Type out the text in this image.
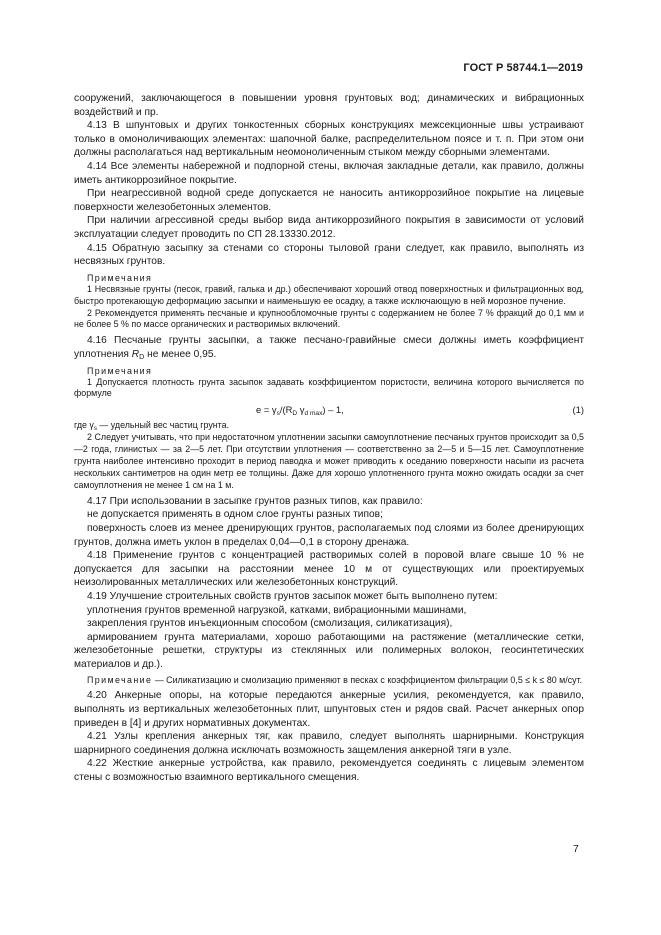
ГОСТ Р 58744.1—2019

сооружений, заключающегося в повышении уровня грунтовых вод; динамических и вибрационных воздействий и пр.

4.13 В шпунтовых и других тонкостенных сборных конструкциях межсекционные швы устраивают только в омоноличивающих элементах: шапочной балке, распределительном поясе и т. п. При этом они должны располагаться над вертикальным неомоноличенным стыком между сборными элементами.

4.14 Все элементы набережной и подпорной стены, включая закладные детали, как правило, должны иметь антикоррозийное покрытие.

При неагрессивной водной среде допускается не наносить антикоррозийное покрытие на лицевые поверхности железобетонных элементов.

При наличии агрессивной среды выбор вида антикоррозийного покрытия в зависимости от условий эксплуатации следует проводить по СП 28.13330.2012.

4.15 Обратную засыпку за стенами со стороны тыловой грани следует, как правило, выполнять из несвязных грунтов.

Примечания

1 Несвязные грунты (песок, гравий, галька и др.) обеспечивают хороший отвод поверхностных и фильтрационных вод, быстро протекающую деформацию засыпки и наименьшую ее осадку, а также исключающую в ней морозное пучение.

2 Рекомендуется применять песчаные и крупнообломочные грунты с содержанием не более 7 % фракций до 0,1 мм и не более 5 % по массе органических и растворимых включений.

4.16 Песчаные грунты засыпки, а также песчано-гравийные смеси должны иметь коэффициент уплотнения $R_D$ не менее 0,95.

Примечания

1 Допускается плотность грунта засыпок задавать коэффициентом пористости, величина которого вычисляется по формуле

$e = \gamma_s/(R_D$ $\gamma_{d max}) - 1$,	(1)

где $\gamma_s$ — удельный вес частиц грунта.

2 Следует учитывать, что при недостаточном уплотнении засыпки самоуплотнение песчаных грунтов происходит за 0,5—2 года, глинистых — за 2—5 лет. При отсутствии уплотнения — соответственно за 2—5 и 5—15 лет. Самоуплотнение грунта наиболее интенсивно проходит в период паводка и может приводить к оседанию поверхности насыпи из расчета нескольких сантиметров на один метр ее толщины. Даже для хорошо уплотненного грунта можно ожидать осадки за счет самоуплотнения не менее 1 см на 1 м.

4.17 При использовании в засыпке грунтов разных типов, как правило:

не допускается применять в одном слое грунты разных типов;

поверхность слоев из менее дренирующих грунтов, располагаемых под слоями из более дренирующих грунтов, должна иметь уклон в пределах 0,04—0,1 в сторону дренажа.

4.18 Применение грунтов с концентрацией растворимых солей в поровой влаге свыше 10 % не допускается для засыпки на расстоянии менее 10 м от существующих или проектируемых неизолированных металлических или железобетонных конструкций.

4.19 Улучшение строительных свойств грунтов засыпок может быть выполнено путем:

уплотнения грунтов временной нагрузкой, катками, вибрационными машинами,

закрепления грунтов инъекционным способом (смолизация, силикатизация),

армированием грунта материалами, хорошо работающими на растяжение (металлические сетки, железобетонные решетки, структуры из стеклянных или полимерных волокон, геосинтетических материалов и др.).

Примечание — Силикатизацию и смолизацию применяют в песках с коэффициентом фильтрации 0,5 ≤ k ≤ 80 м/сут.

4.20 Анкерные опоры, на которые передаются анкерные усилия, рекомендуется, как правило, выполнять из вертикальных железобетонных плит, шпунтовых стен и рядов свай. Расчет анкерных опор приведен в [4] и других нормативных документах.

4.21 Узлы крепления анкерных тяг, как правило, следует выполнять шарнирными. Конструкция шарнирного соединения должна исключать возможность защемления анкерной тяги в узле.

4.22 Жесткие анкерные устройства, как правило, рекомендуется соединять с лицевым элементом стены с возможностью взаимного вертикального смещения.

7
